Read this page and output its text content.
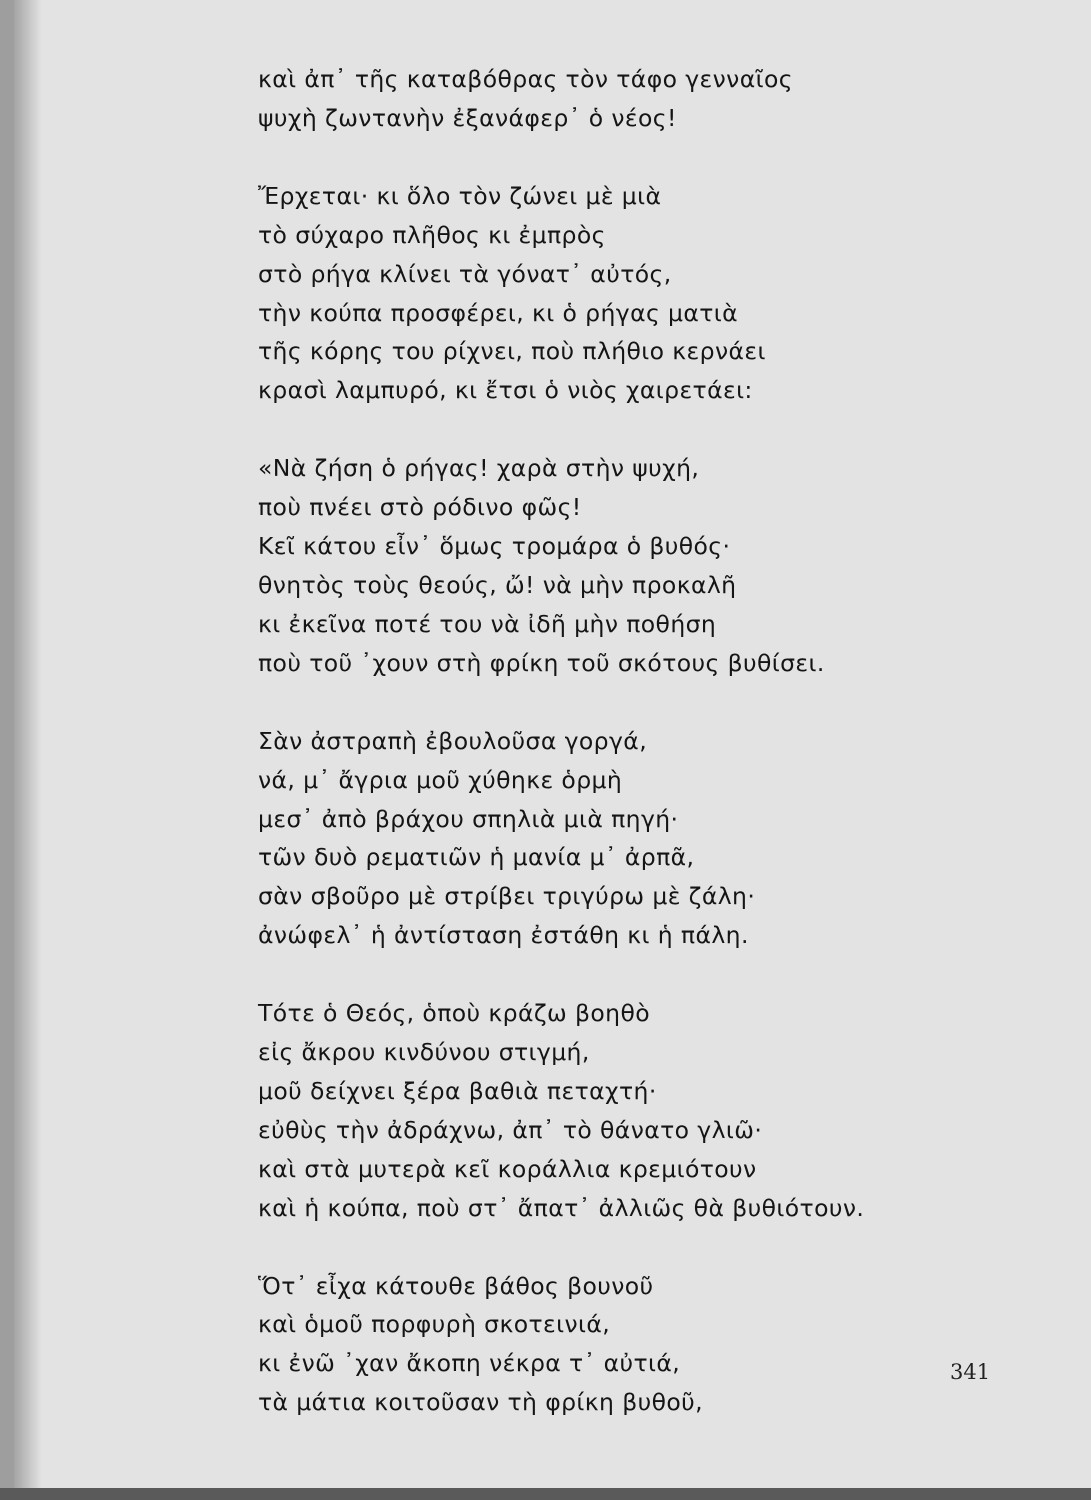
καὶ ἀπ᾿ τῆς καταβόθρας τὸν τάφο γενναῖος
ψυχὴ ζωντανὴν ἐξανάφερ᾿ ὁ νέος!
Ἔρχεται· κι ὅλο τὸν ζώνει μὲ μιὰ
τὸ σύχαρο πλῆθος κι ἐμπρὸς
στὸ ρήγα κλίνει τὰ γόνατ᾿ αὐτός,
τὴν κούπα προσφέρει, κι ὁ ρήγας ματιὰ
τῆς κόρης του ρίχνει, ποὺ πλήθιο κερνάει
κρασὶ λαμπυρό, κι ἔτσι ὁ νιὸς χαιρετάει:
«Νὰ ζήση ὁ ρήγας! χαρὰ στὴν ψυχή,
ποὺ πνέει στὸ ρόδινο φῶς!
Κεῖ κάτου εἶν᾿ ὅμως τρομάρα ὁ βυθός·
θνητὸς τοὺς θεούς, ὤ! νὰ μὴν προκαλῆ
κι ἐκεῖνα ποτέ του νὰ ἰδῆ μὴν ποθήση
ποὺ τοῦ ᾿χουν στὴ φρίκη τοῦ σκότους βυθίσει.
Σὰν ἀστραπὴ ἐβουλοῦσα γοργά,
νά, μ᾿ ἄγρια μοῦ χύθηκε ὁρμὴ
μεσ᾿ ἀπὸ βράχου σπηλιὰ μιὰ πηγή·
τῶν δυὸ ρεματιῶν ἡ μανία μ᾿ ἀρπᾶ,
σὰν σβοῦρο μὲ στρίβει τριγύρω μὲ ζάλη·
ἀνώφελ᾿ ἡ ἀντίσταση ἐστάθη κι ἡ πάλη.
Τότε ὁ Θεός, ὁποὺ κράζω βοηθὸ
εἰς ἄκρου κινδύνου στιγμή,
μοῦ δείχνει ξέρα βαθιὰ πεταχτή·
εὐθὺς τὴν ἀδράχνω, ἀπ᾿ τὸ θάνατο γλιῶ·
καὶ στὰ μυτερὰ κεῖ κοράλλια κρεμιότουν
καὶ ἡ κούπα, ποὺ στ᾿ ἄπατ᾿ ἀλλιῶς θὰ βυθιότουν.
Ὅτ᾿ εἶχα κάτουθε βάθος βουνοῦ
καὶ ὁμοῦ πορφυρὴ σκοτεινιά,
κι ἐνῶ ᾿χαν ἄκοπη νέκρα τ᾿ αὐτιά,
τὰ μάτια κοιτοῦσαν τὴ φρίκη βυθοῦ,
341
